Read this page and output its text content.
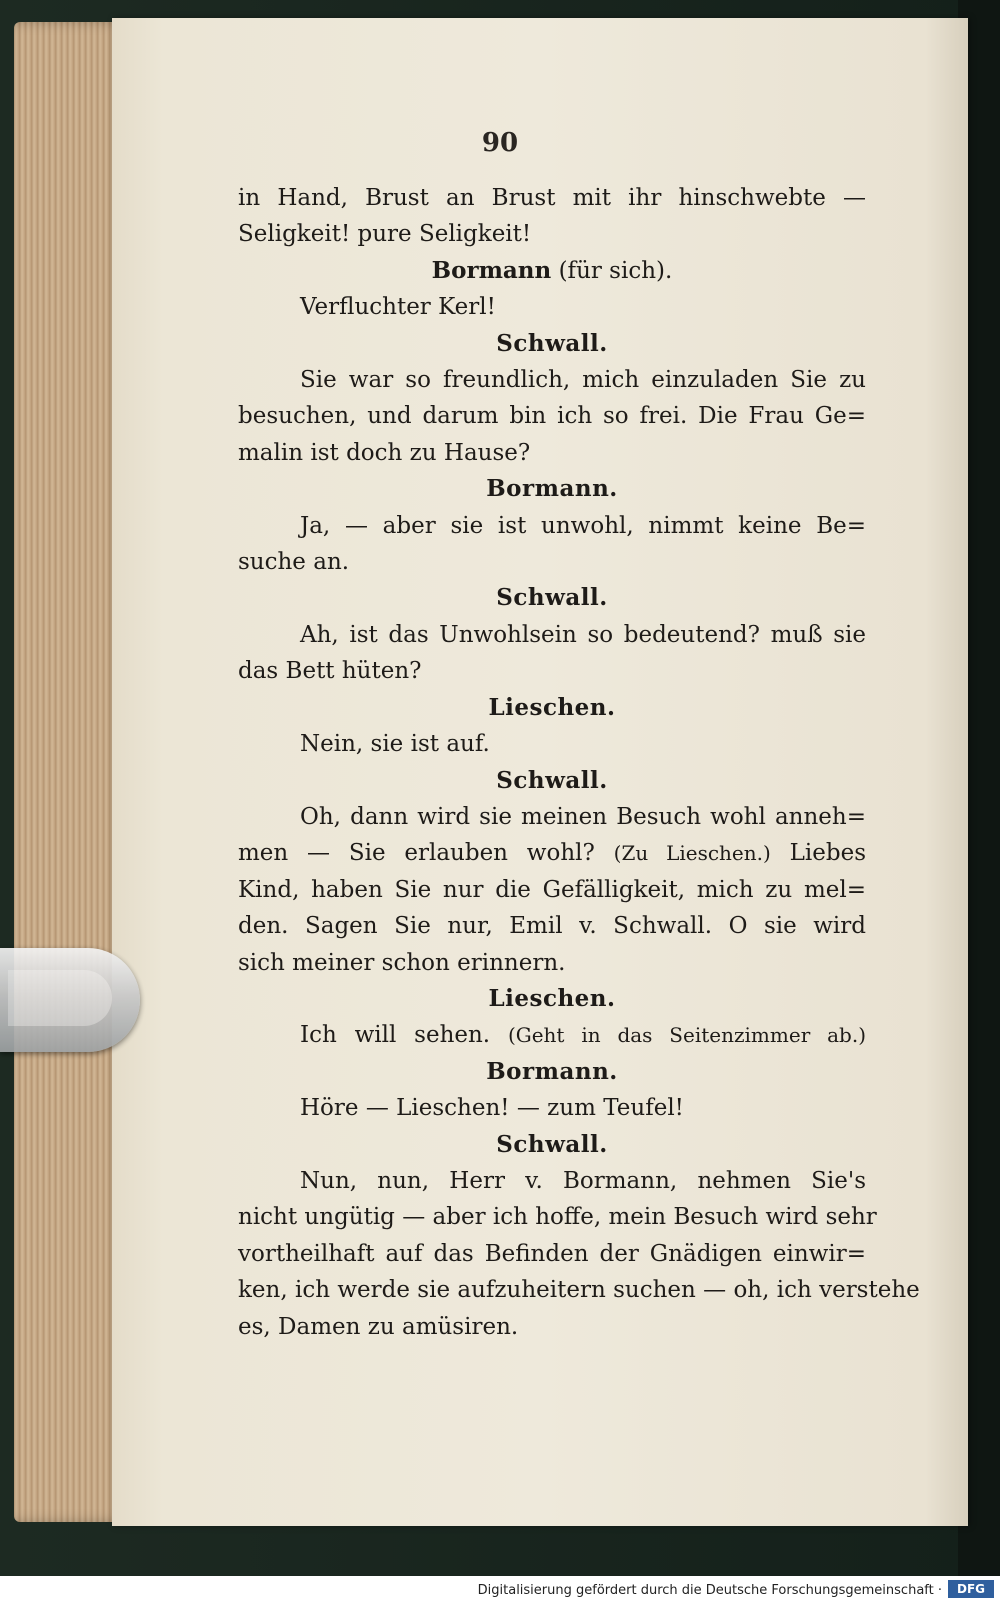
90
in Hand, Brust an Brust mit ihr hinschwebte —
Seligkeit! pure Seligkeit!
Bormann (für sich).
Verfluchter Kerl!
Schwall.
Sie war so freundlich, mich einzuladen Sie zu
besuchen, und darum bin ich so frei. Die Frau Ge=
malin ist doch zu Hause?
Bormann.
Ja, — aber sie ist unwohl, nimmt keine Be=
suche an.
Schwall.
Ah, ist das Unwohlsein so bedeutend? muß sie
das Bett hüten?
Lieschen.
Nein, sie ist auf.
Schwall.
Oh, dann wird sie meinen Besuch wohl anneh=
men — Sie erlauben wohl? (Zu Lieschen.) Liebes
Kind, haben Sie nur die Gefälligkeit, mich zu mel=
den. Sagen Sie nur, Emil v. Schwall. O sie wird
sich meiner schon erinnern.
Lieschen.
Ich will sehen. (Geht in das Seitenzimmer ab.)
Bormann.
Höre — Lieschen! — zum Teufel!
Schwall.
Nun, nun, Herr v. Bormann, nehmen Sie's
nicht ungütig — aber ich hoffe, mein Besuch wird sehr
vortheilhaft auf das Befinden der Gnädigen einwir=
ken, ich werde sie aufzuheitern suchen — oh, ich verstehe
es, Damen zu amüsiren.
Digitalisierung gefördert durch die Deutsche Forschungsgemeinschaft ·	DFG
